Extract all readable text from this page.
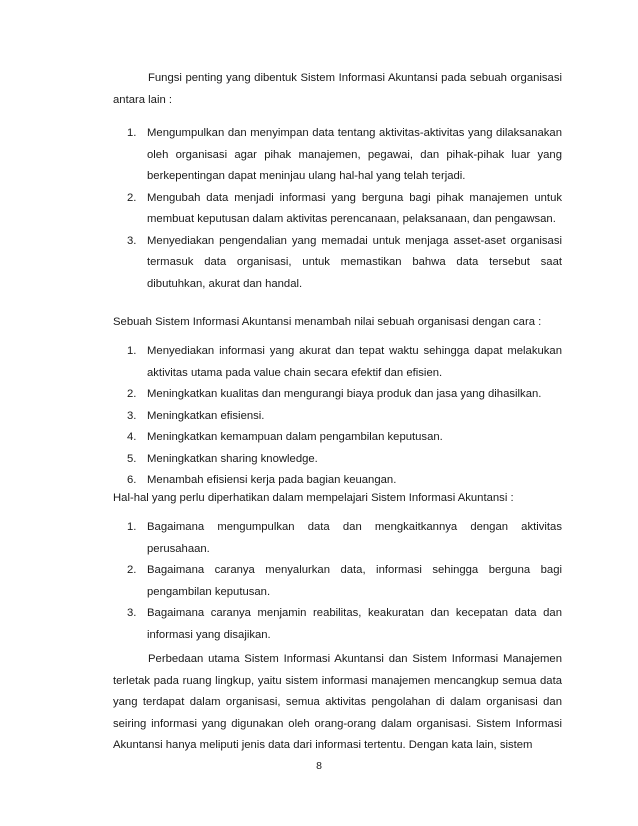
Fungsi penting yang dibentuk Sistem Informasi Akuntansi pada sebuah organisasi antara lain :

1. Mengumpulkan dan menyimpan data tentang aktivitas-aktivitas yang dilaksanakan oleh organisasi agar pihak manajemen, pegawai, dan pihak-pihak luar yang berkepentingan dapat meninjau ulang hal-hal yang telah terjadi.
2. Mengubah data menjadi informasi yang berguna bagi pihak manajemen untuk membuat keputusan dalam aktivitas perencanaan, pelaksanaan, dan pengawsan.
3. Menyediakan pengendalian yang memadai untuk menjaga asset-aset organisasi termasuk data organisasi, untuk memastikan bahwa data tersebut saat dibutuhkan, akurat dan handal.

Sebuah Sistem Informasi Akuntansi menambah nilai sebuah organisasi dengan cara :

1. Menyediakan informasi yang akurat dan tepat waktu sehingga dapat melakukan aktivitas utama pada value chain secara efektif dan efisien.
2. Meningkatkan kualitas dan mengurangi biaya produk dan jasa yang dihasilkan.
3. Meningkatkan efisiensi.
4. Meningkatkan kemampuan dalam pengambilan keputusan.
5. Meningkatkan sharing knowledge.
6. Menambah efisiensi kerja pada bagian keuangan.

Hal-hal yang perlu diperhatikan dalam mempelajari Sistem Informasi Akuntansi :

1. Bagaimana mengumpulkan data dan mengkaitkannya dengan aktivitas perusahaan.
2. Bagaimana caranya menyalurkan data, informasi sehingga berguna bagi pengambilan keputusan.
3. Bagaimana caranya menjamin reabilitas, keakuratan dan kecepatan data dan informasi yang disajikan.

Perbedaan utama Sistem Informasi Akuntansi dan Sistem Informasi Manajemen terletak pada ruang lingkup, yaitu sistem informasi manajemen mencangkup semua data yang terdapat dalam organisasi, semua aktivitas pengolahan di dalam organisasi dan seiring informasi yang digunakan oleh orang-orang dalam organisasi. Sistem Informasi Akuntansi hanya meliputi jenis data dari informasi tertentu. Dengan kata lain, sistem

8
